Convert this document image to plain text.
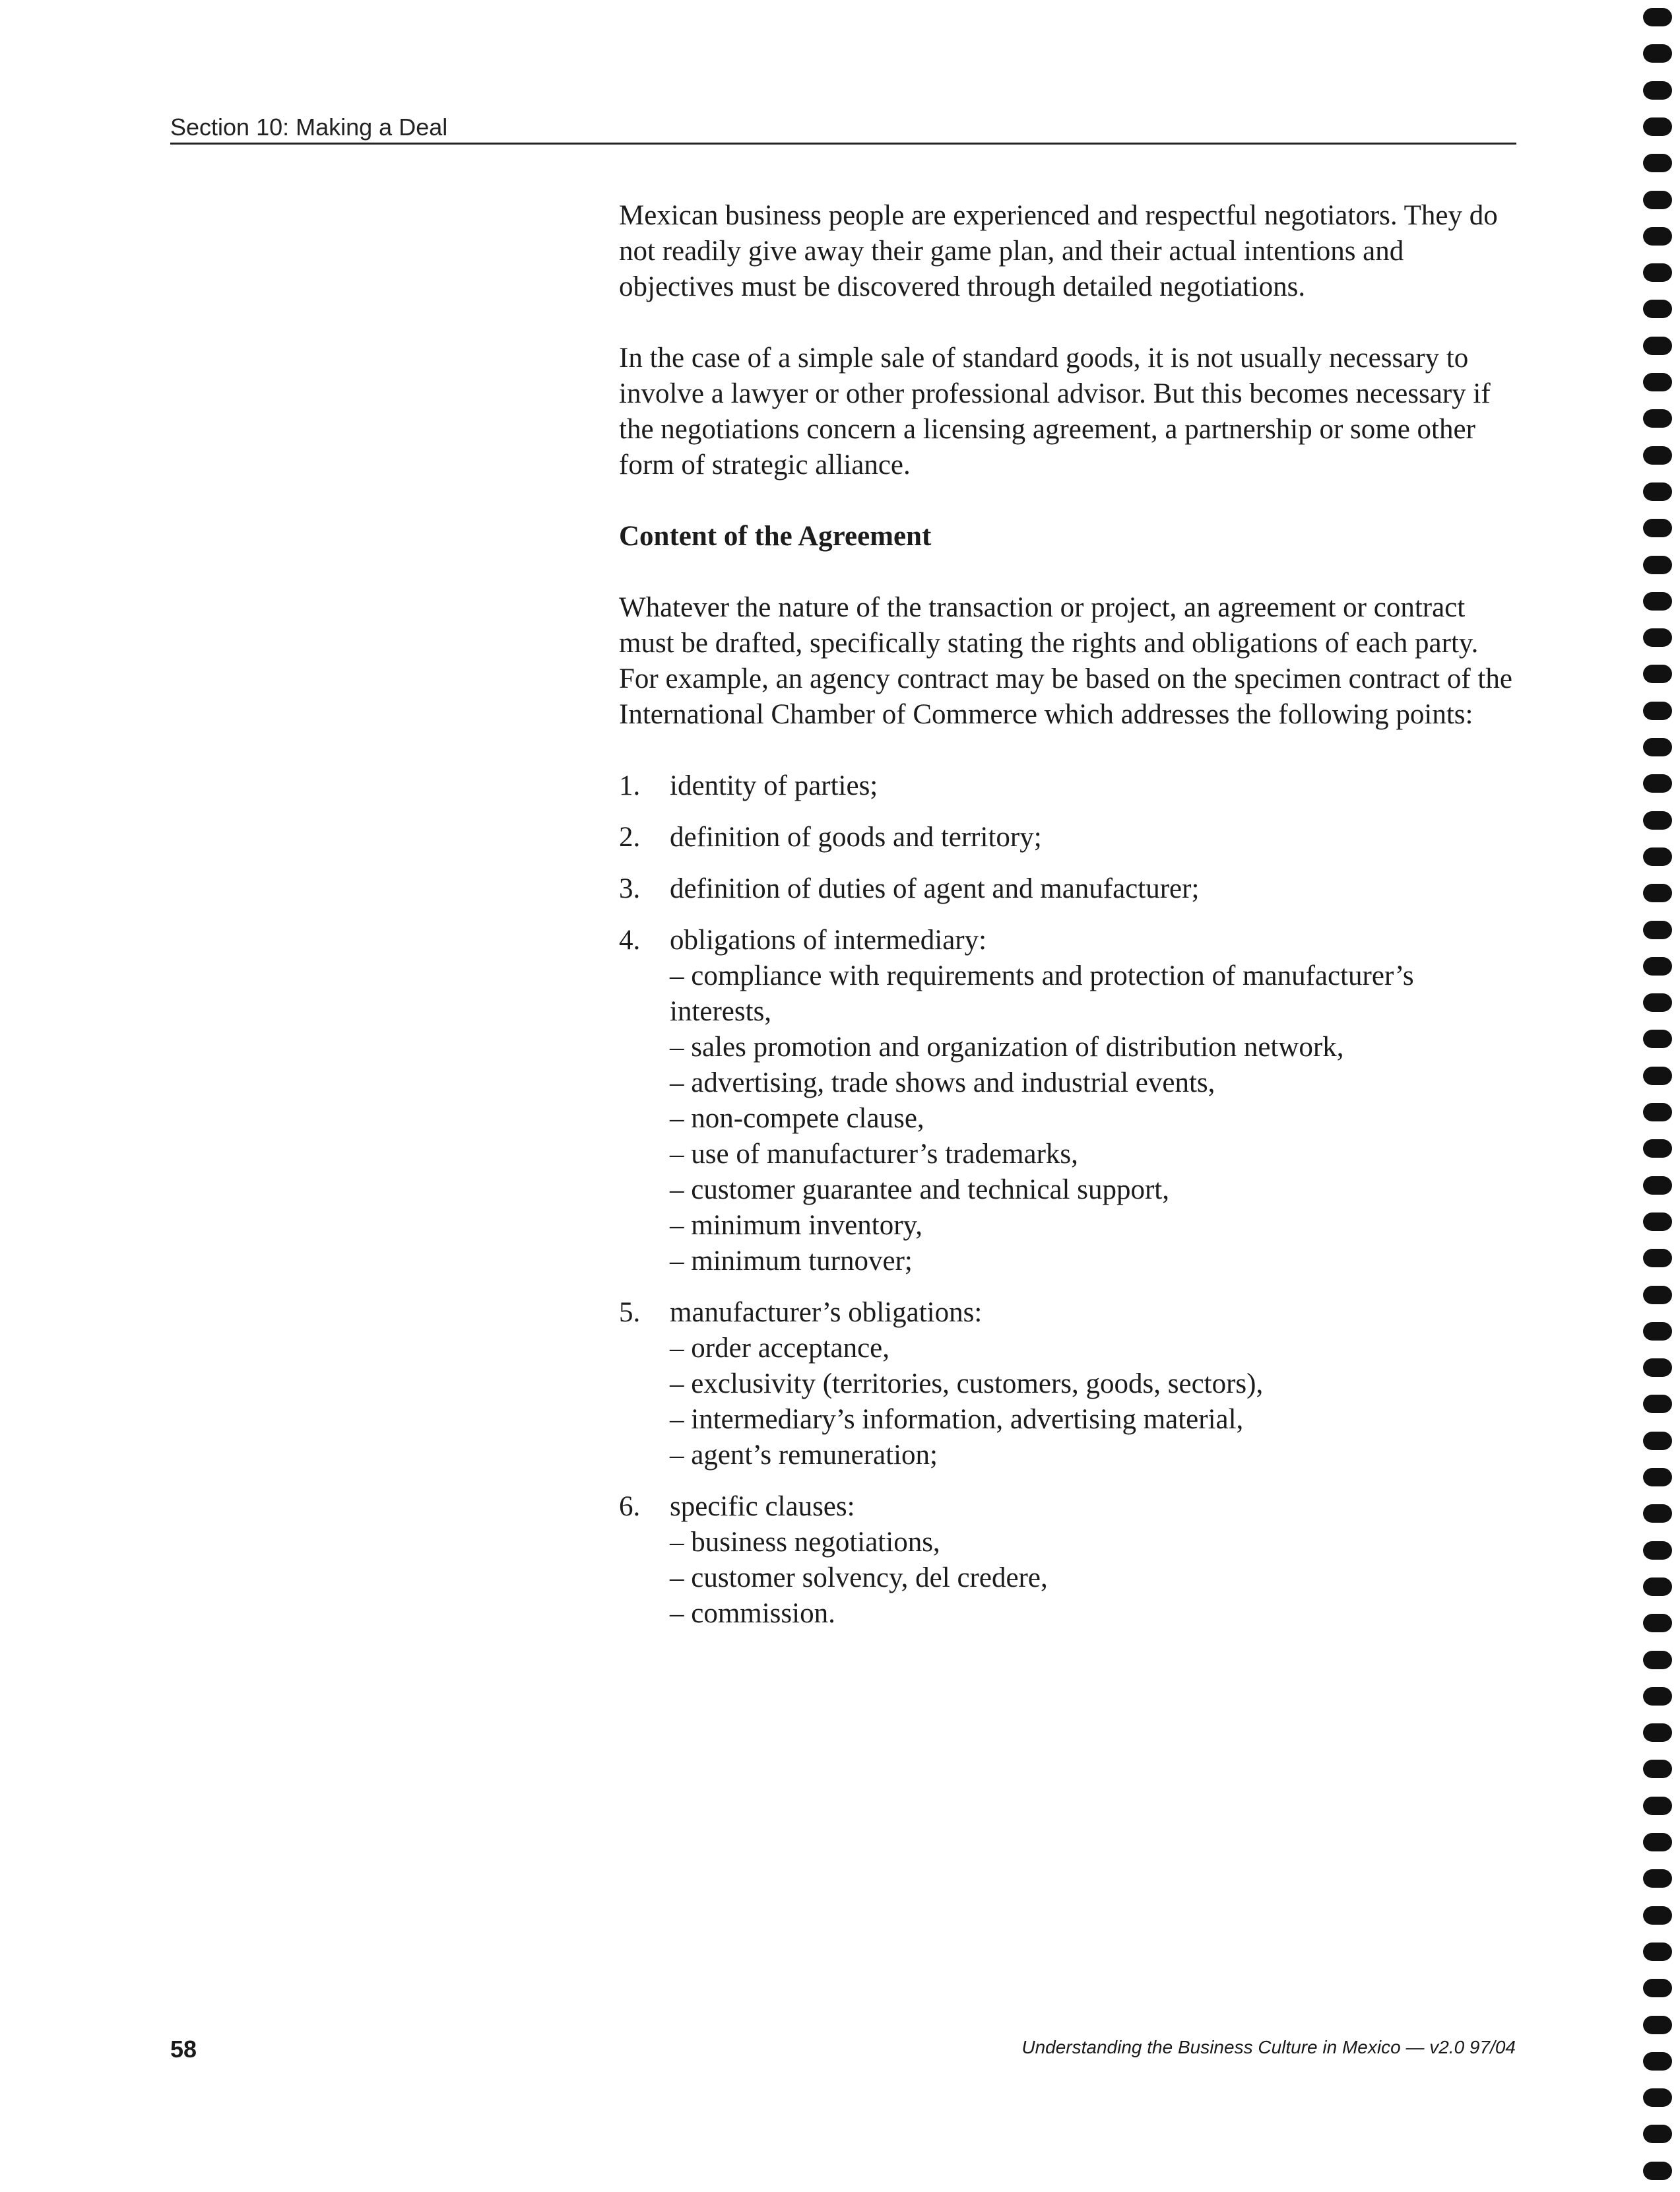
Section 10: Making a Deal

Mexican business people are experienced and respectful negotiators. They do not readily give away their game plan, and their actual intentions and objectives must be discovered through detailed negotiations.

In the case of a simple sale of standard goods, it is not usually necessary to involve a lawyer or other professional advisor. But this becomes necessary if the negotiations concern a licensing agreement, a partnership or some other form of strategic alliance.

Content of the Agreement

Whatever the nature of the transaction or project, an agreement or contract must be drafted, specifically stating the rights and obligations of each party. For example, an agency contract may be based on the specimen contract of the International Chamber of Commerce which addresses the following points:

1. identity of parties;
2. definition of goods and territory;
3. definition of duties of agent and manufacturer;
4. obligations of intermediary:
– compliance with requirements and protection of manufacturer’s interests,
– sales promotion and organization of distribution network,
– advertising, trade shows and industrial events,
– non-compete clause,
– use of manufacturer’s trademarks,
– customer guarantee and technical support,
– minimum inventory,
– minimum turnover;
5. manufacturer’s obligations:
– order acceptance,
– exclusivity (territories, customers, goods, sectors),
– intermediary’s information, advertising material,
– agent’s remuneration;
6. specific clauses:
– business negotiations,
– customer solvency, del credere,
– commission.
58	Understanding the Business Culture in Mexico — v2.0 97/04
